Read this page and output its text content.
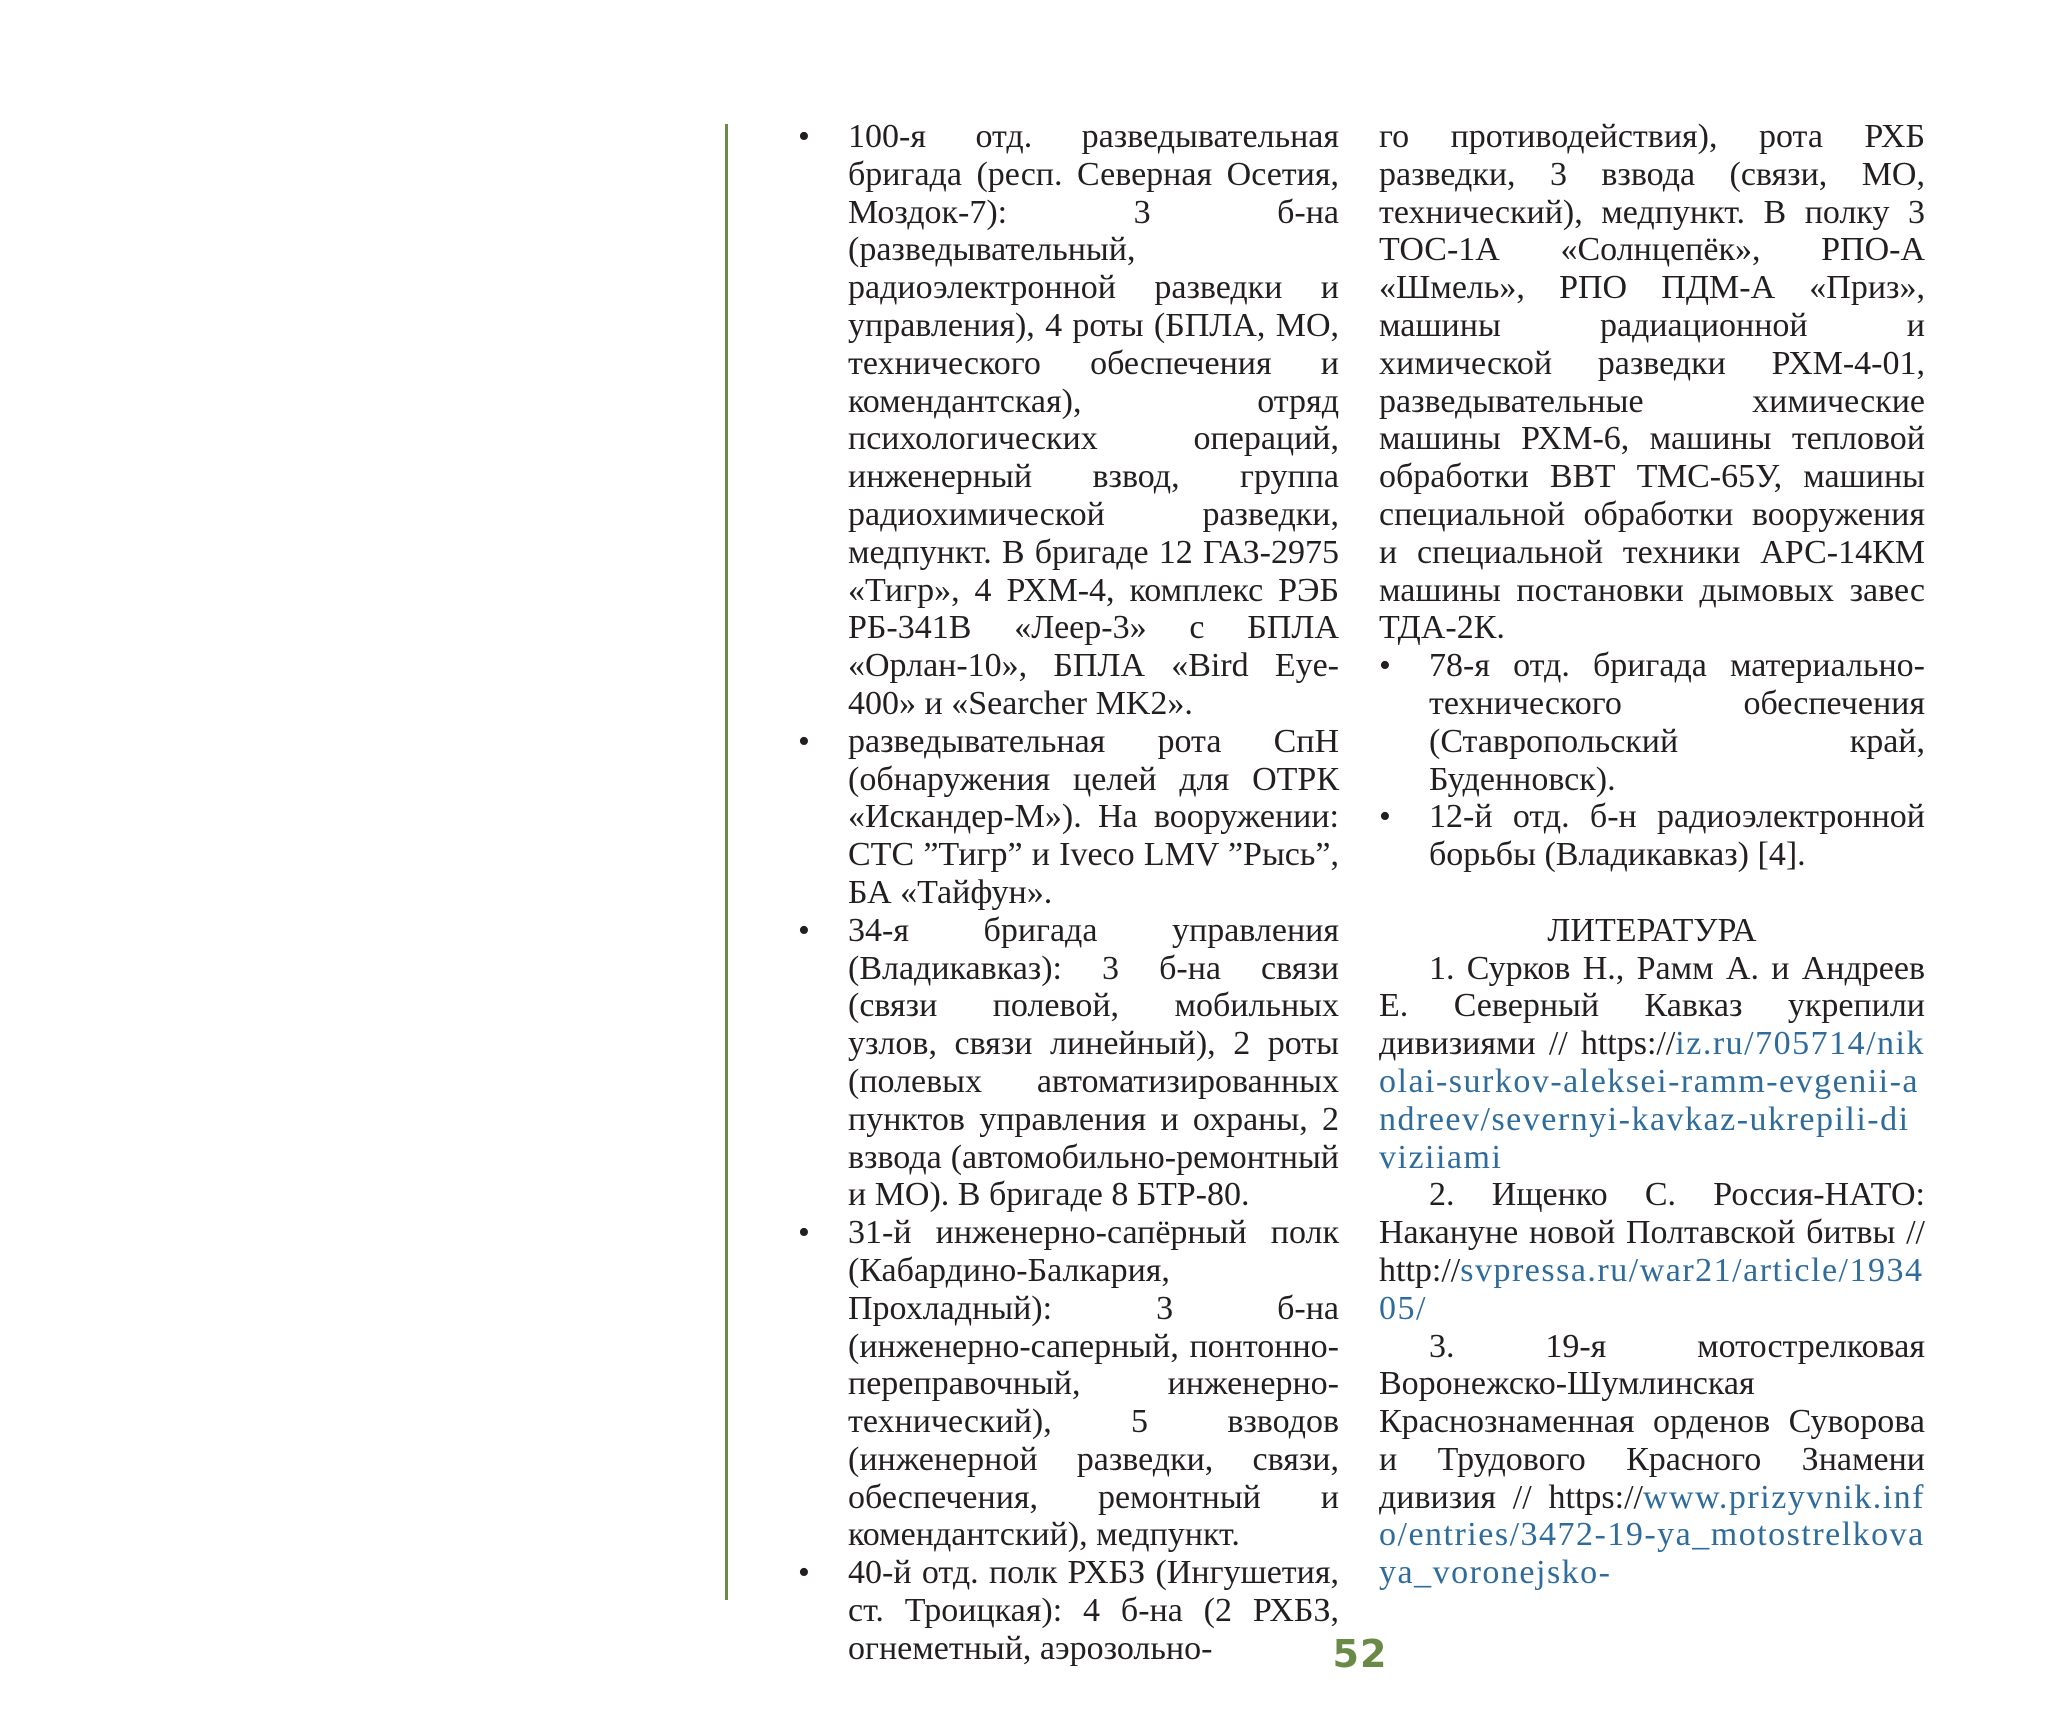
• 100-я отд. разведывательная бригада (респ. Северная Осетия, Моздок-7): 3 б-на (разведывательный, радиоэлектронной разведки и управления), 4 роты (БПЛА, МО, технического обеспечения и комендантская), отряд психологических операций, инженерный взвод, группа радиохимической разведки, медпункт. В бригаде 12 ГАЗ-2975 «Тигр», 4 РХМ-4, комплекс РЭБ РБ-341В «Леер-3» с БПЛА «Орлан-10», БПЛА «Bird Eye-400» и «Searcher MK2».
• разведывательная рота СпН (обнаружения целей для ОТРК «Искандер-М»). На вооружении: СТС ”Тигр” и Iveco LMV ”Рысь”, БА «Тайфун».
• 34-я бригада управления (Владикавказ): 3 б-на связи (связи полевой, мобильных узлов, связи линейный), 2 роты (полевых автоматизированных пунктов управления и охраны, 2 взвода (автомобильно-ремонтный и МО). В бригаде 8 БТР-80.
• 31-й инженерно-сапёрный полк (Кабардино-Балкария, Прохладный): 3 б-на (инженерно-саперный, понтонно-переправочный, инженерно-технический), 5 взводов (инженерной разведки, связи, обеспечения, ремонтный и комендантский), медпункт.
• 40-й отд. полк РХБЗ (Ингушетия, ст. Троицкая): 4 б-на (2 РХБЗ, огнеметный, аэрозольно-

го противодействия), рота РХБ разведки, 3 взвода (связи, МО, технический), медпункт. В полку 3 ТОС-1А «Солнцепёк», РПО-А «Шмель», РПО ПДМ-А «Приз», машины радиационной и химической разведки РХМ-4-01, разведывательные химические машины РХМ-6, машины тепловой обработки ВВТ ТМС-65У, машины специальной обработки вооружения и специальной техники АРС-14КМ машины постановки дымовых завес ТДА-2К.

• 78-я отд. бригада материально-технического обеспечения (Ставропольский край, Буденновск).
• 12-й отд. б-н радиоэлектронной борьбы (Владикавказ) [4].

ЛИТЕРАТУРА

1. Сурков Н., Рамм А. и Андреев Е. Северный Кавказ укрепили дивизиями // https://iz.ru/705714/nikolai-surkov-aleksei-ramm-evgenii-andreev/severnyi-kavkaz-ukrepili-diviziiami

2. Ищенко С. Россия-НАТО: Накануне новой Полтавской битвы // http://svpressa.ru/war21/article/193405/

3. 19-я мотострелковая Воронежско-Шумлинская Краснознаменная орденов Суворова и Трудового Красного Знамени дивизия // https://www.prizyvnik.info/entries/3472-19-ya_motostrelkovaya_voronejsko-

52
